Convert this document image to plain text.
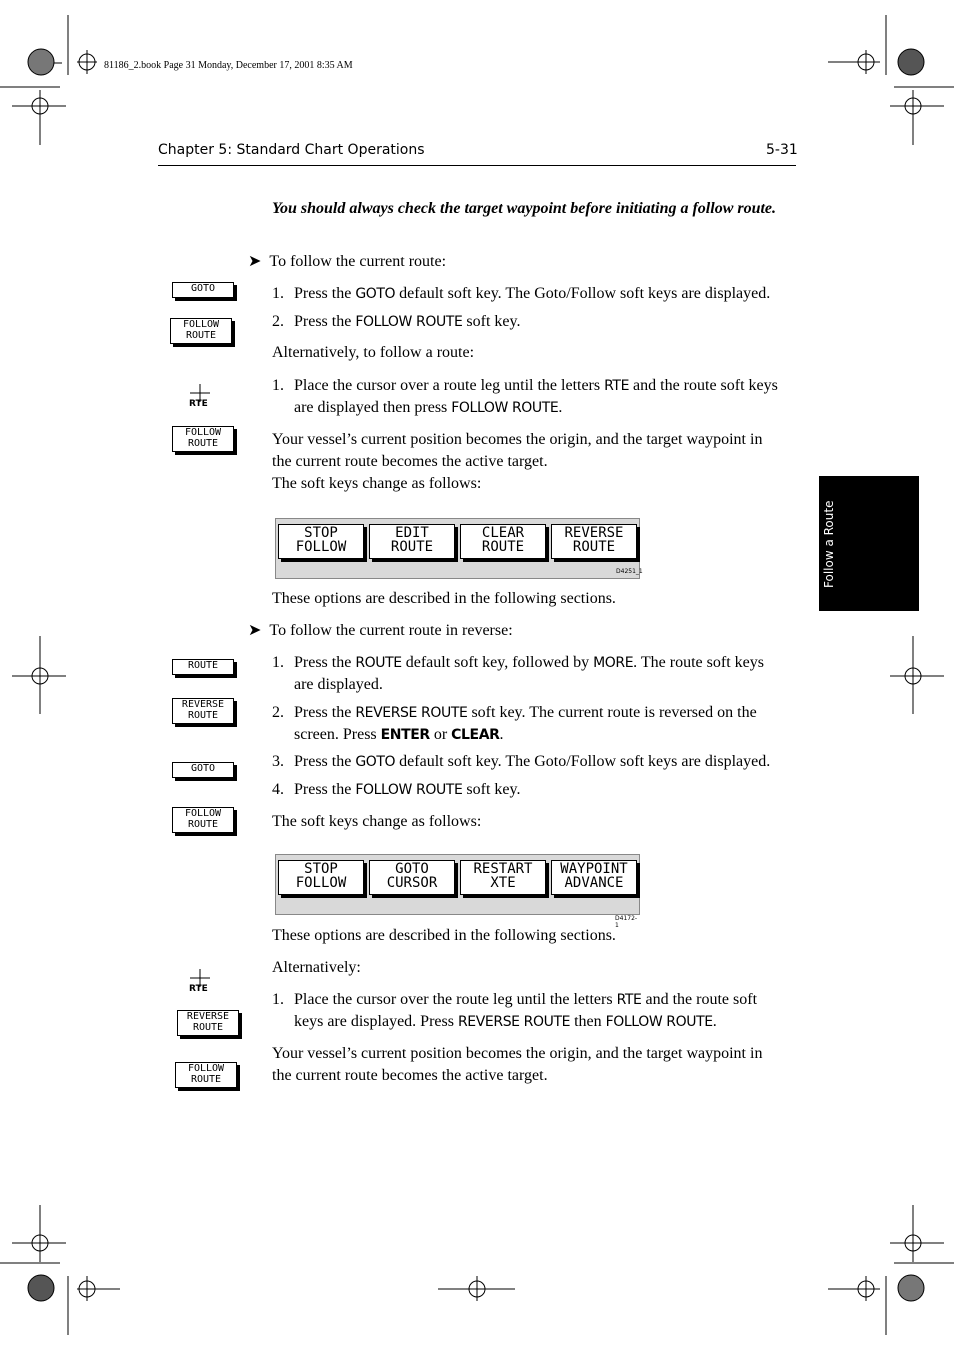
81186_2.book Page 31 Monday, December 17, 2001 8:35 AM
Chapter 5: Standard Chart Operations	5-31
Follow a Route
You should always check the target waypoint before initiating a follow route.
➤ To follow the current route:
1. Press the GOTO default soft key. The Goto/Follow soft keys are displayed.
2. Press the FOLLOW ROUTE soft key.
Alternatively, to follow a route:
1. Place the cursor over a route leg until the letters RTE and the route soft keys
are displayed then press FOLLOW ROUTE.
Your vessel’s current position becomes the origin, and the target waypoint in
the current route becomes the active target.
The soft keys change as follows:
STOP
FOLLOW
EDIT
ROUTE
CLEAR
ROUTE
REVERSE
ROUTE
D4251_1
These options are described in the following sections.
➤ To follow the current route in reverse:
1. Press the ROUTE default soft key, followed by MORE. The route soft keys
are displayed.
2. Press the REVERSE ROUTE soft key. The current route is reversed on the
screen. Press ENTER or CLEAR.
3. Press the GOTO default soft key. The Goto/Follow soft keys are displayed.
4. Press the FOLLOW ROUTE soft key.
The soft keys change as follows:
STOP
FOLLOW
GOTO
CURSOR
RESTART
XTE
WAYPOINT
ADVANCE
D4172-1
These options are described in the following sections.
Alternatively:
1. Place the cursor over the route leg until the letters RTE and the route soft
keys are displayed. Press REVERSE ROUTE then FOLLOW ROUTE.
Your vessel’s current position becomes the origin, and the target waypoint in
the current route becomes the active target.
GOTO
FOLLOW
ROUTE
RTE
FOLLOW
ROUTE
ROUTE
REVERSE
ROUTE
GOTO
FOLLOW
ROUTE
RTE
REVERSE
ROUTE
FOLLOW
ROUTE
